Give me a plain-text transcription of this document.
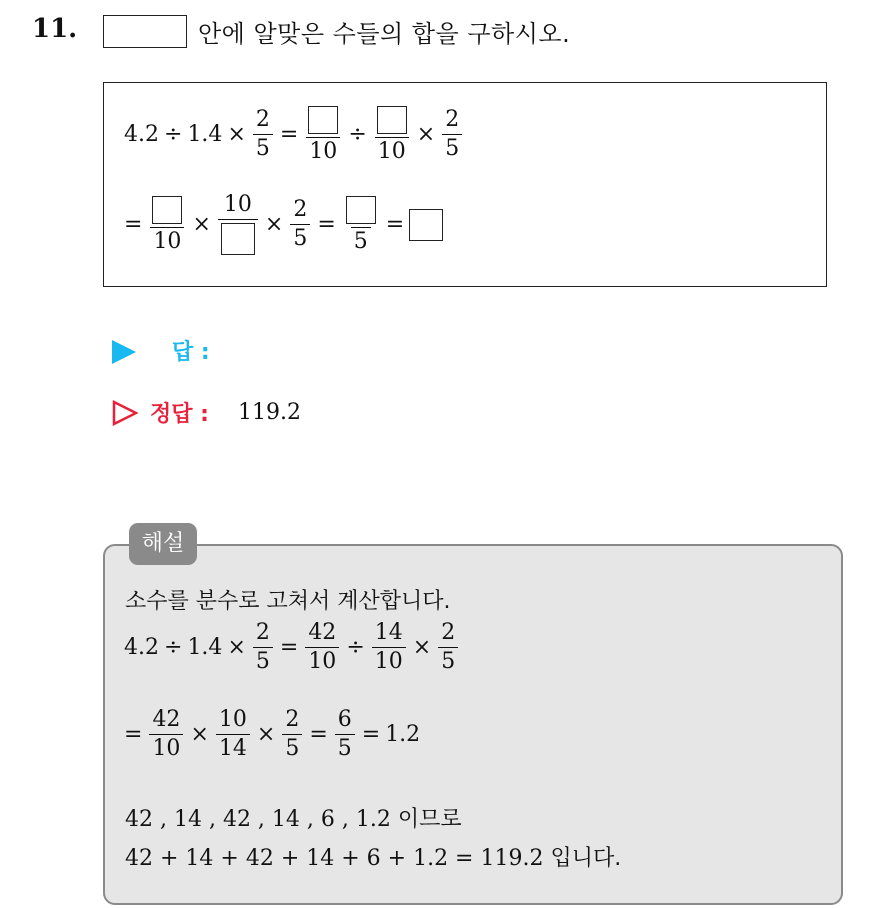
11.	안에 알맞은 수들의 합을 구하시오.
$4.2 \div 1.4 \times \frac{2}{5}$ =
10
÷
10
× $\frac{2}{5}$
=
10
×
10
× $\frac{2}{5}$ =
5
=
답 :
정답 : 119.2
해설
소수를 분수로 고쳐서 계산합니다.
$4.2 \div 1.4 \times \frac{2}{5} = \frac{42}{10} \div \frac{14}{10} \times \frac{2}{5}$
= $\frac{42}{10} \times \frac{10}{14} \times \frac{2}{5} = \frac{6}{5} = 1.2$
42 , 14 , 42 , 14 , 6 , 1.2 이므로
42 + 14 + 42 + 14 + 6 + 1.2 = 119.2 입니다.
